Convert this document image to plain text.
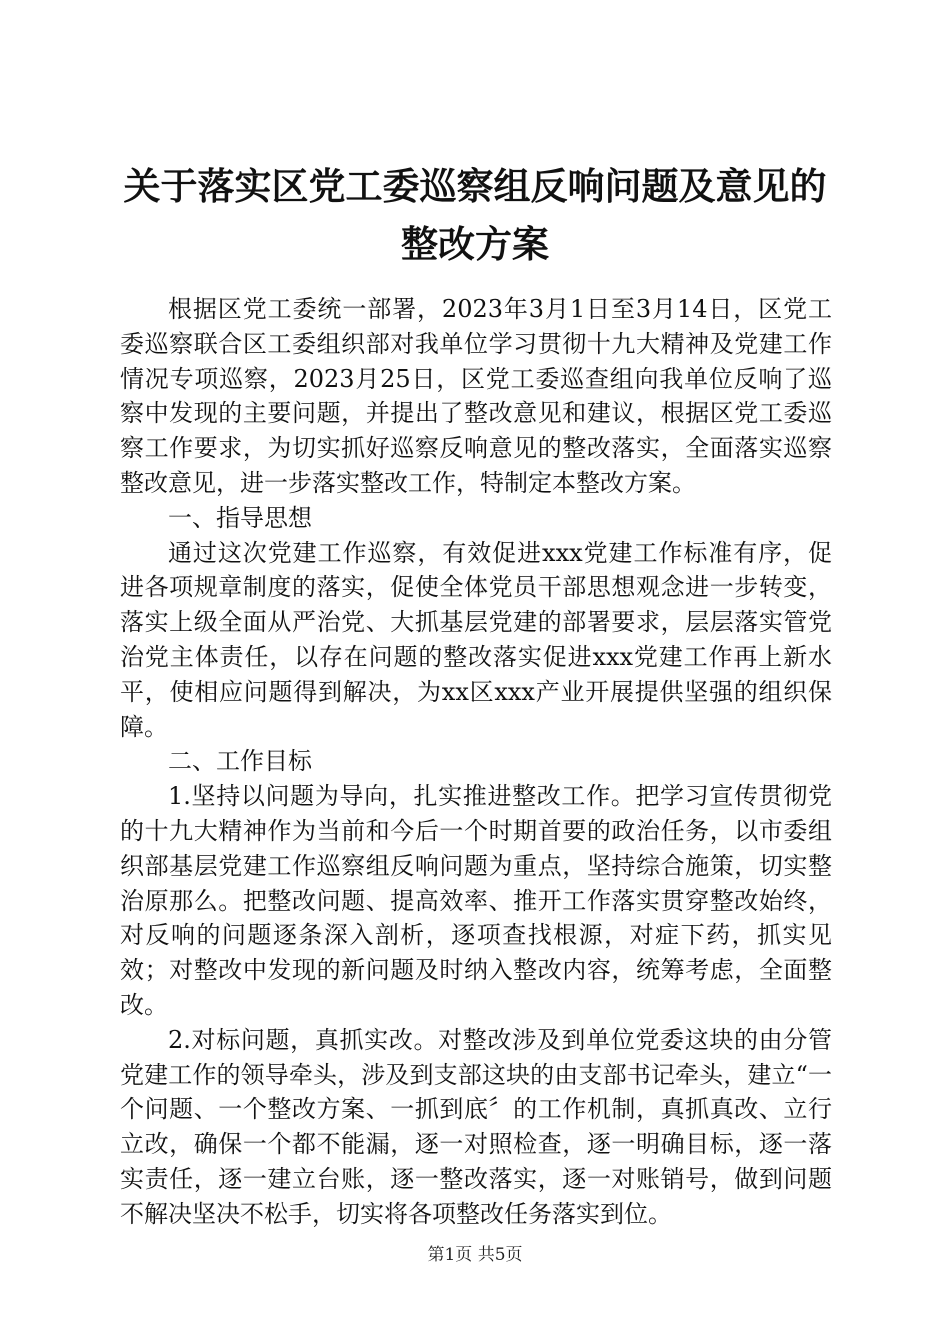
关于落实区党工委巡察组反响问题及意见的整改方案

根据区党工委统一部署，2023年3月1日至3月14日，区党工委巡察联合区工委组织部对我单位学习贯彻十九大精神及党建工作情况专项巡察，2023月25日，区党工委巡查组向我单位反响了巡察中发现的主要问题，并提出了整改意见和建议，根据区党工委巡察工作要求，为切实抓好巡察反响意见的整改落实，全面落实巡察整改意见，进一步落实整改工作，特制定本整改方案。

一、指导思想

通过这次党建工作巡察，有效促进xxx党建工作标准有序，促进各项规章制度的落实，促使全体党员干部思想观念进一步转变，落实上级全面从严治党、大抓基层党建的部署要求，层层落实管党治党主体责任，以存在问题的整改落实促进xxx党建工作再上新水平，使相应问题得到解决，为xx区xxx产业开展提供坚强的组织保障。

二、工作目标

1.坚持以问题为导向，扎实推进整改工作。把学习宣传贯彻党的十九大精神作为当前和今后一个时期首要的政治任务，以市委组织部基层党建工作巡察组反响问题为重点，坚持综合施策，切实整治原那么。把整改问题、提高效率、推开工作落实贯穿整改始终，对反响的问题逐条深入剖析，逐项查找根源，对症下药，抓实见效；对整改中发现的新问题及时纳入整改内容，统筹考虑，全面整改。

2.对标问题，真抓实改。对整改涉及到单位党委这块的由分管党建工作的领导牵头，涉及到支部这块的由支部书记牵头，建立“一个问题、一个整改方案、一抓到底〞的工作机制，真抓真改、立行立改，确保一个都不能漏，逐一对照检查，逐一明确目标，逐一落实责任，逐一建立台账，逐一整改落实，逐一对账销号，做到问题不解决坚决不松手，切实将各项整改任务落实到位。

第1页 共5页
